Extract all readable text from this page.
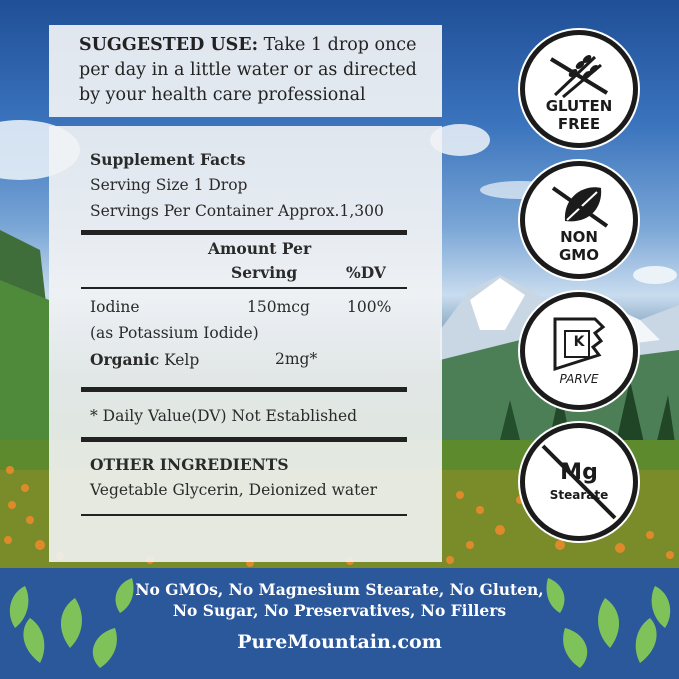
SUGGESTED USE: Take 1 drop once
per day in a little water or as directed
by your health care professional
Supplement Facts
Serving Size 1 Drop
Servings Per Container Approx.1,300
Amount Per
Serving	%DV
Iodine	150mcg 100%
(as Potassium Iodide)
Organic Kelp	2mg*
* Daily Value(DV) Not Established
OTHER INGREDIENTS
Vegetable Glycerin, Deionized water
GLUTEN
FREE
NON
GMO
K
PARVE
Mg
Stearate
No GMOs, No Magnesium Stearate, No Gluten,
No Sugar, No Preservatives, No Fillers
PureMountain.com
